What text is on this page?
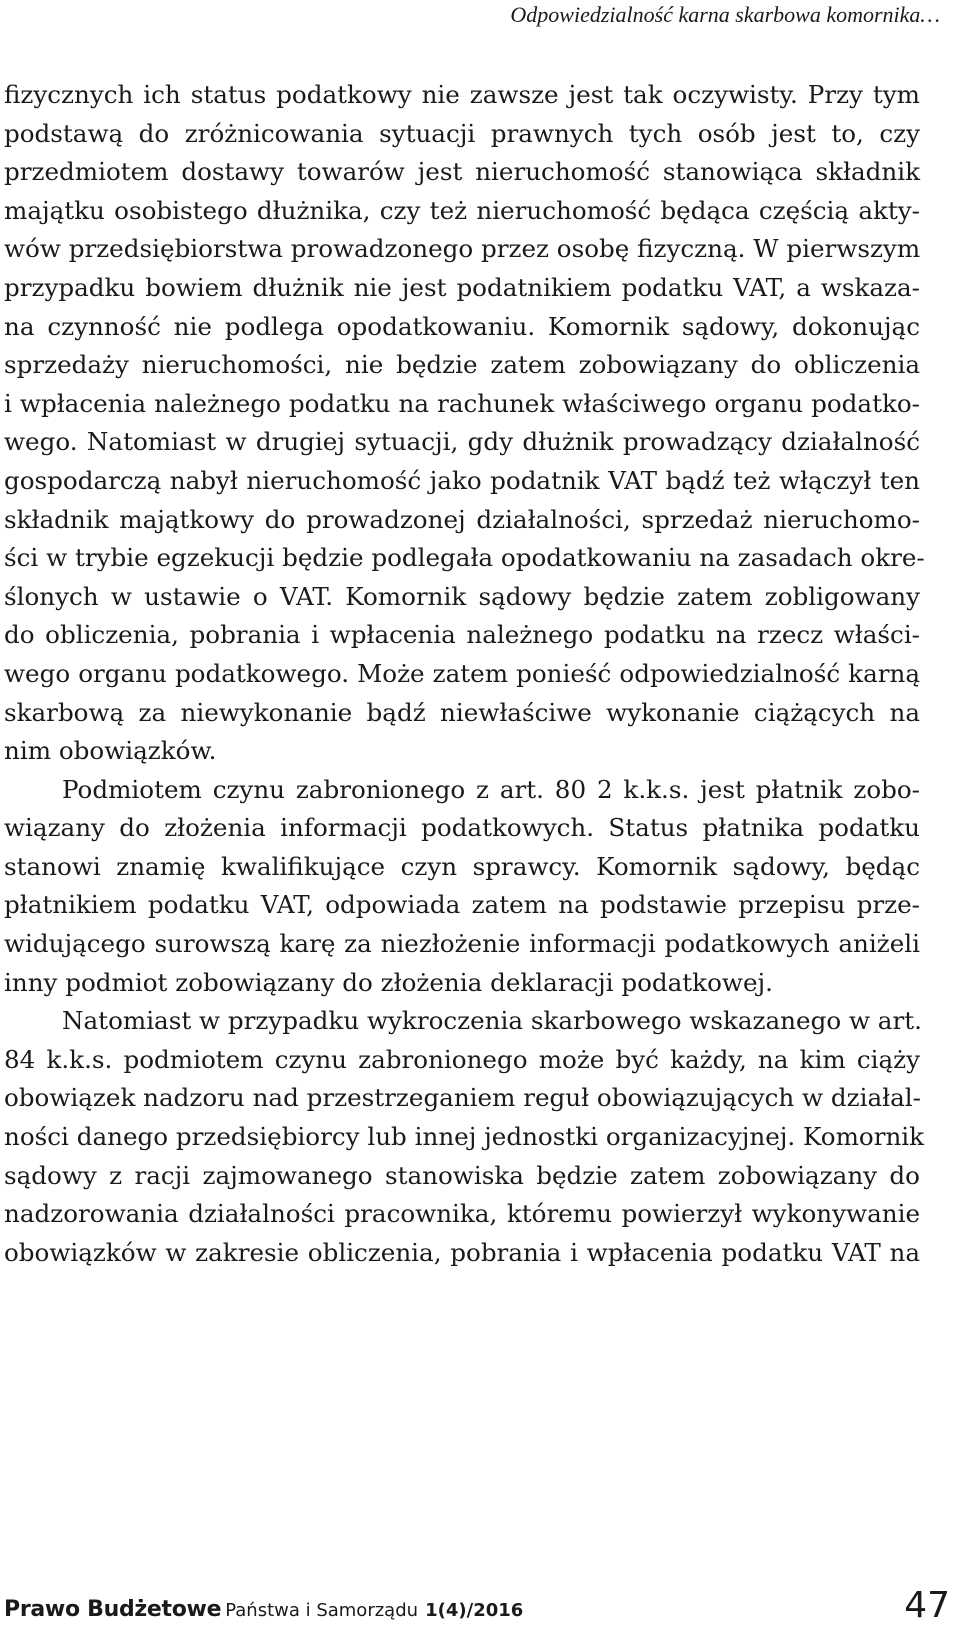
Odpowiedzialność karna skarbowa komornika…
fizycznych ich status podatkowy nie zawsze jest tak oczywisty. Przy tym
podstawą do zróżnicowania sytuacji prawnych tych osób jest to, czy
przedmiotem dostawy towarów jest nieruchomość stanowiąca składnik
majątku osobistego dłużnika, czy też nieruchomość będąca częścią akty-
wów przedsiębiorstwa prowadzonego przez osobę fizyczną. W pierwszym
przypadku bowiem dłużnik nie jest podatnikiem podatku VAT, a wskaza-
na czynność nie podlega opodatkowaniu. Komornik sądowy, dokonując
sprzedaży nieruchomości, nie będzie zatem zobowiązany do obliczenia
i wpłacenia należnego podatku na rachunek właściwego organu podatko-
wego. Natomiast w drugiej sytuacji, gdy dłużnik prowadzący działalność
gospodarczą nabył nieruchomość jako podatnik VAT bądź też włączył ten
składnik majątkowy do prowadzonej działalności, sprzedaż nieruchomo-
ści w trybie egzekucji będzie podlegała opodatkowaniu na zasadach okre-
ślonych w ustawie o VAT. Komornik sądowy będzie zatem zobligowany
do obliczenia, pobrania i wpłacenia należnego podatku na rzecz właści-
wego organu podatkowego. Może zatem ponieść odpowiedzialność karną
skarbową za niewykonanie bądź niewłaściwe wykonanie ciążących na
nim obowiązków.
Podmiotem czynu zabronionego z art. 80 2 k.k.s. jest płatnik zobo-
wiązany do złożenia informacji podatkowych. Status płatnika podatku
stanowi znamię kwalifikujące czyn sprawcy. Komornik sądowy, będąc
płatnikiem podatku VAT, odpowiada zatem na podstawie przepisu prze-
widującego surowszą karę za niezłożenie informacji podatkowych aniżeli
inny podmiot zobowiązany do złożenia deklaracji podatkowej.
Natomiast w przypadku wykroczenia skarbowego wskazanego w art.
84 k.k.s. podmiotem czynu zabronionego może być każdy, na kim ciąży
obowiązek nadzoru nad przestrzeganiem reguł obowiązujących w działal-
ności danego przedsiębiorcy lub innej jednostki organizacyjnej. Komornik
sądowy z racji zajmowanego stanowiska będzie zatem zobowiązany do
nadzorowania działalności pracownika, któremu powierzył wykonywanie
obowiązków w zakresie obliczenia, pobrania i wpłacenia podatku VAT na
Prawo Budżetowe Państwa i Samorządu 1(4)/2016	47
